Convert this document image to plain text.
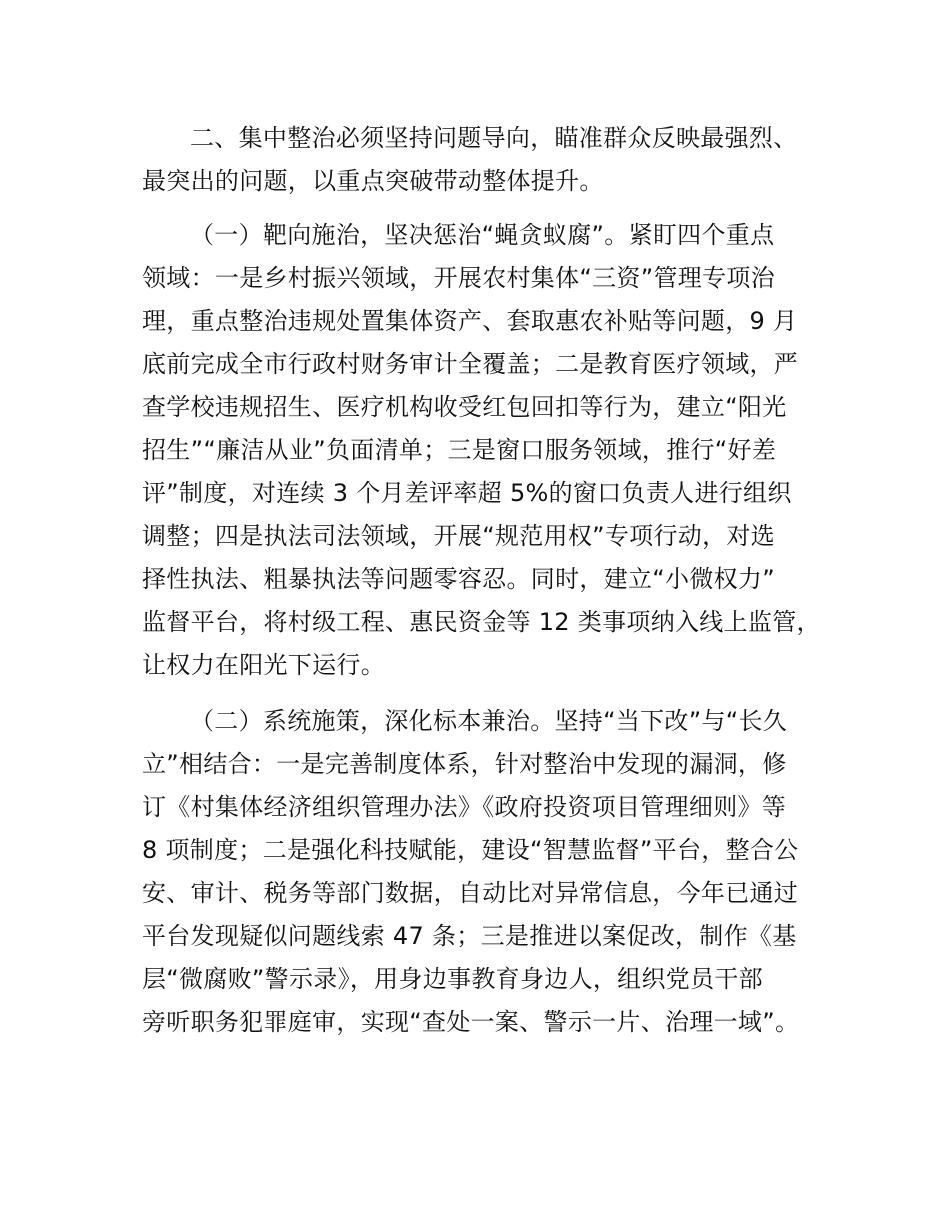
二、集中整治必须坚持问题导向，瞄准群众反映最强烈、
最突出的问题，以重点突破带动整体提升。
（一）靶向施治，坚决惩治“蝇贪蚁腐”。紧盯四个重点
领域：一是乡村振兴领域，开展农村集体“三资”管理专项治
理，重点整治违规处置集体资产、套取惠农补贴等问题，9 月
底前完成全市行政村财务审计全覆盖；二是教育医疗领域，严
查学校违规招生、医疗机构收受红包回扣等行为，建立“阳光
招生”“廉洁从业”负面清单；三是窗口服务领域，推行“好差
评”制度，对连续 3 个月差评率超 5%的窗口负责人进行组织
调整；四是执法司法领域，开展“规范用权”专项行动，对选
择性执法、粗暴执法等问题零容忍。同时，建立“小微权力”
监督平台，将村级工程、惠民资金等 12 类事项纳入线上监管，
让权力在阳光下运行。
（二）系统施策，深化标本兼治。坚持“当下改”与“长久
立”相结合：一是完善制度体系，针对整治中发现的漏洞，修
订《村集体经济组织管理办法》《政府投资项目管理细则》等
8 项制度；二是强化科技赋能，建设“智慧监督”平台，整合公
安、审计、税务等部门数据，自动比对异常信息，今年已通过
平台发现疑似问题线索 47 条；三是推进以案促改，制作《基
层“微腐败”警示录》，用身边事教育身边人，组织党员干部
旁听职务犯罪庭审，实现“查处一案、警示一片、治理一域”。
